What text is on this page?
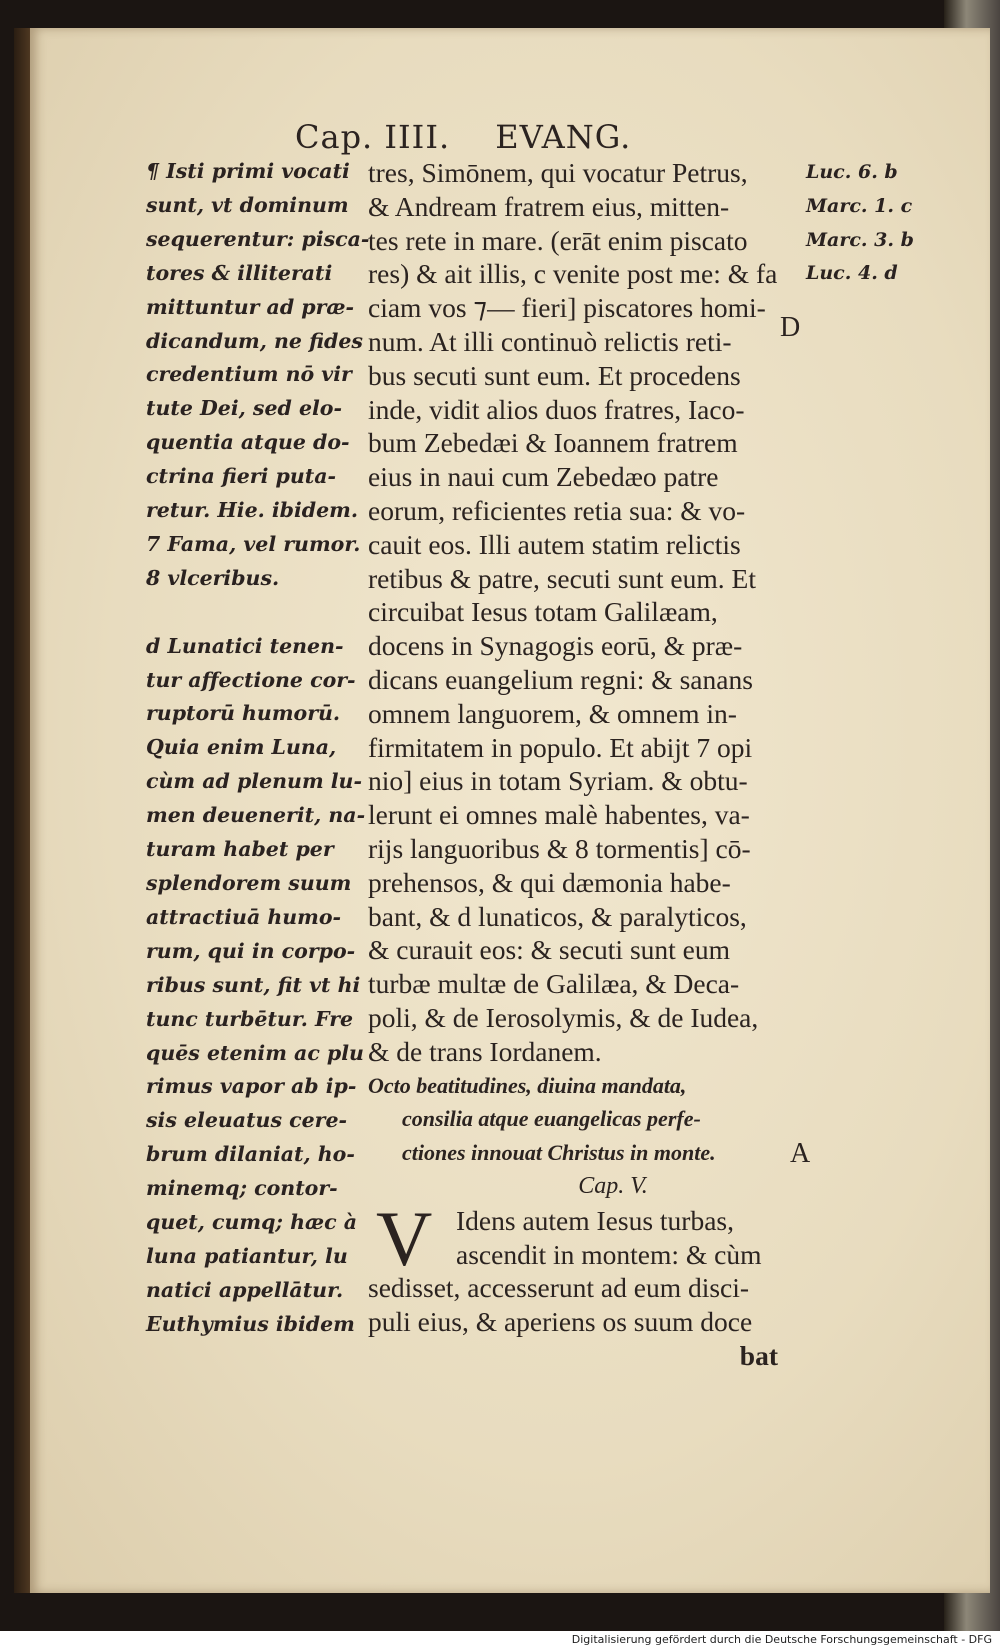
Cap. IIII. EVANG.
¶ Isti primi vocati
sunt, vt dominum
sequerentur: pisca-
tores & illiterati
mittuntur ad præ-
dicandum, ne fides
credentium nō vir
tute Dei, sed elo-
quentia atque do-
ctrina fieri puta-
retur. Hie. ibidem.
7 Fama, vel rumor.
8 vlceribus.
d Lunatici tenen-
tur affectione cor-
ruptorū humorū.
Quia enim Luna,
cùm ad plenum lu-
men deuenerit, na-
turam habet per
splendorem suum
attractiuā humo-
rum, qui in corpo-
ribus sunt, fit vt hi
tunc turbētur. Fre
quēs etenim ac plu
rimus vapor ab ip-
sis eleuatus cere-
brum dilaniat, ho-
minemq; contor-
quet, cumq; hæc à
luna patiantur, lu
natici appellātur.
Euthymius ibidem
tres, Simōnem, qui vocatur Petrus,
& Andream fratrem eius, mitten-
tes rete in mare. (erāt enim piscato
res) & ait illis, c venite post me: & fa
ciam vos ⁊— fieri] piscatores homi-
num. At illi continuò relictis reti-
bus secuti sunt eum. Et procedens
inde, vidit alios duos fratres, Iaco-
bum Zebedæi & Ioannem fratrem
eius in naui cum Zebedæo patre
eorum, reficientes retia sua: & vo-
cauit eos. Illi autem statim relictis
retibus & patre, secuti sunt eum. Et
circuibat Iesus totam Galilæam,
docens in Synagogis eorū, & præ-
dicans euangelium regni: & sanans
omnem languorem, & omnem in-
firmitatem in populo. Et abijt 7 opi
nio] eius in totam Syriam. & obtu-
lerunt ei omnes malè habentes, va-
rijs languoribus & 8 tormentis] cō-
prehensos, & qui dæmonia habe-
bant, & d lunaticos, & paralyticos,
& curauit eos: & secuti sunt eum
turbæ multæ de Galilæa, & Deca-
poli, & de Ierosolymis, & de Iudea,
& de trans Iordanem.
Octo beatitudines, diuina mandata,
consilia atque euangelicas perfe-
ctiones innouat Christus in monte.
Cap. V.
V Idens autem Iesus turbas,
ascendit in montem: & cùm
sedisset, accesserunt ad eum disci-
puli eius, & aperiens os suum doce
bat
Luc. 6. b
Marc. 1. c
Marc. 3. b
Luc. 4. d
D
A
Digitalisierung gefördert durch die Deutsche Forschungsgemeinschaft - DFG
